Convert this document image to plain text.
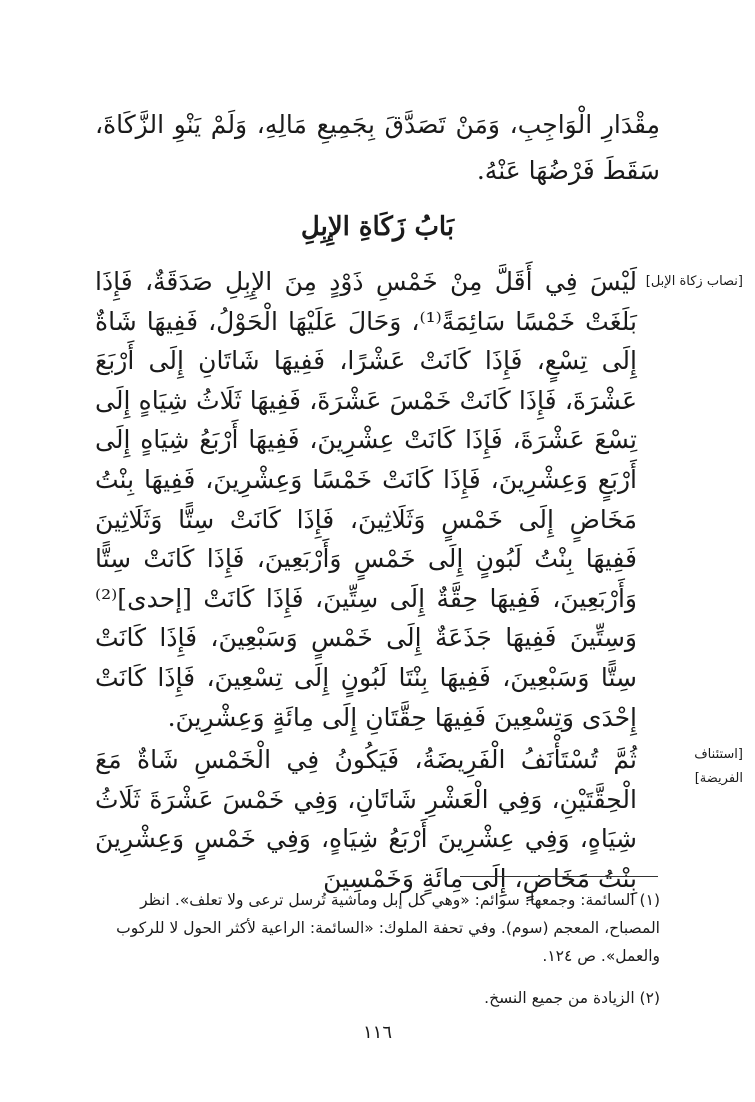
مِقْدَارِ الْوَاجِبِ، وَمَنْ تَصَدَّقَ بِجَمِيعِ مَالِهِ، وَلَمْ يَنْوِ الزَّكَاةَ، سَقَطَ فَرْضُهَا عَنْهُ.

بَابُ زَكَاةِ الإِبِلِ
[نصاب زكاة الإبل]

لَيْسَ فِي أَقَلَّ مِنْ خَمْسِ ذَوْدٍ مِنَ الإِبِلِ صَدَقَةٌ، فَإِذَا بَلَغَتْ خَمْسًا سَائِمَةً⁽¹⁾، وَحَالَ عَلَيْهَا الْحَوْلُ، فَفِيهَا شَاةٌ إِلَى تِسْعٍ، فَإِذَا كَانَتْ عَشْرًا، فَفِيهَا شَاتَانِ إِلَى أَرْبَعَ عَشْرَةَ، فَإِذَا كَانَتْ خَمْسَ عَشْرَةَ، فَفِيهَا ثَلَاثُ شِيَاهٍ إِلَى تِسْعَ عَشْرَةَ، فَإِذَا كَانَتْ عِشْرِينَ، فَفِيهَا أَرْبَعُ شِيَاهٍ إِلَى أَرْبَعٍ وَعِشْرِينَ، فَإِذَا كَانَتْ خَمْسًا وَعِشْرِينَ، فَفِيهَا بِنْتُ مَخَاضٍ إِلَى خَمْسٍ وَثَلَاثِينَ، فَإِذَا كَانَتْ سِتًّا وَثَلَاثِينَ فَفِيهَا بِنْتُ لَبُونٍ إِلَى خَمْسٍ وَأَرْبَعِينَ، فَإِذَا كَانَتْ سِتًّا وَأَرْبَعِينَ، فَفِيهَا حِقَّةٌ إِلَى سِتِّينَ، فَإِذَا كَانَتْ [إحدى]⁽²⁾ وَسِتِّينَ فَفِيهَا جَذَعَةٌ إِلَى خَمْسٍ وَسَبْعِينَ، فَإِذَا كَانَتْ سِتًّا وَسَبْعِينَ، فَفِيهَا بِنْتَا لَبُونٍ إِلَى تِسْعِينَ، فَإِذَا كَانَتْ إِحْدَى وَتِسْعِينَ فَفِيهَا حِقَّتَانِ إِلَى مِائَةٍ وَعِشْرِينَ.

[استئناف الفريضة]

ثُمَّ تُسْتَأْنَفُ الْفَرِيضَةُ، فَيَكُونُ فِي الْخَمْسِ شَاةٌ مَعَ الْحِقَّتَيْنِ، وَفِي الْعَشْرِ شَاتَانِ، وَفِي خَمْسَ عَشْرَةَ ثَلَاثُ شِيَاهٍ، وَفِي عِشْرِينَ أَرْبَعُ شِيَاهٍ، وَفِي خَمْسٍ وَعِشْرِينَ بِنْتُ مَخَاضٍ، إِلَى مِائَةٍ وَخَمْسِينَ

(١) السائمة: وجمعها: سوائم: «وهي كل إبل وماشية تُرسل ترعى ولا تعلف». انظر المصباح، المعجم (سوم). وفي تحفة الملوك: «السائمة: الراعية لأكثر الحول لا للركوب والعمل». ص ١٢٤.

(٢) الزيادة من جميع النسخ.

١١٦
